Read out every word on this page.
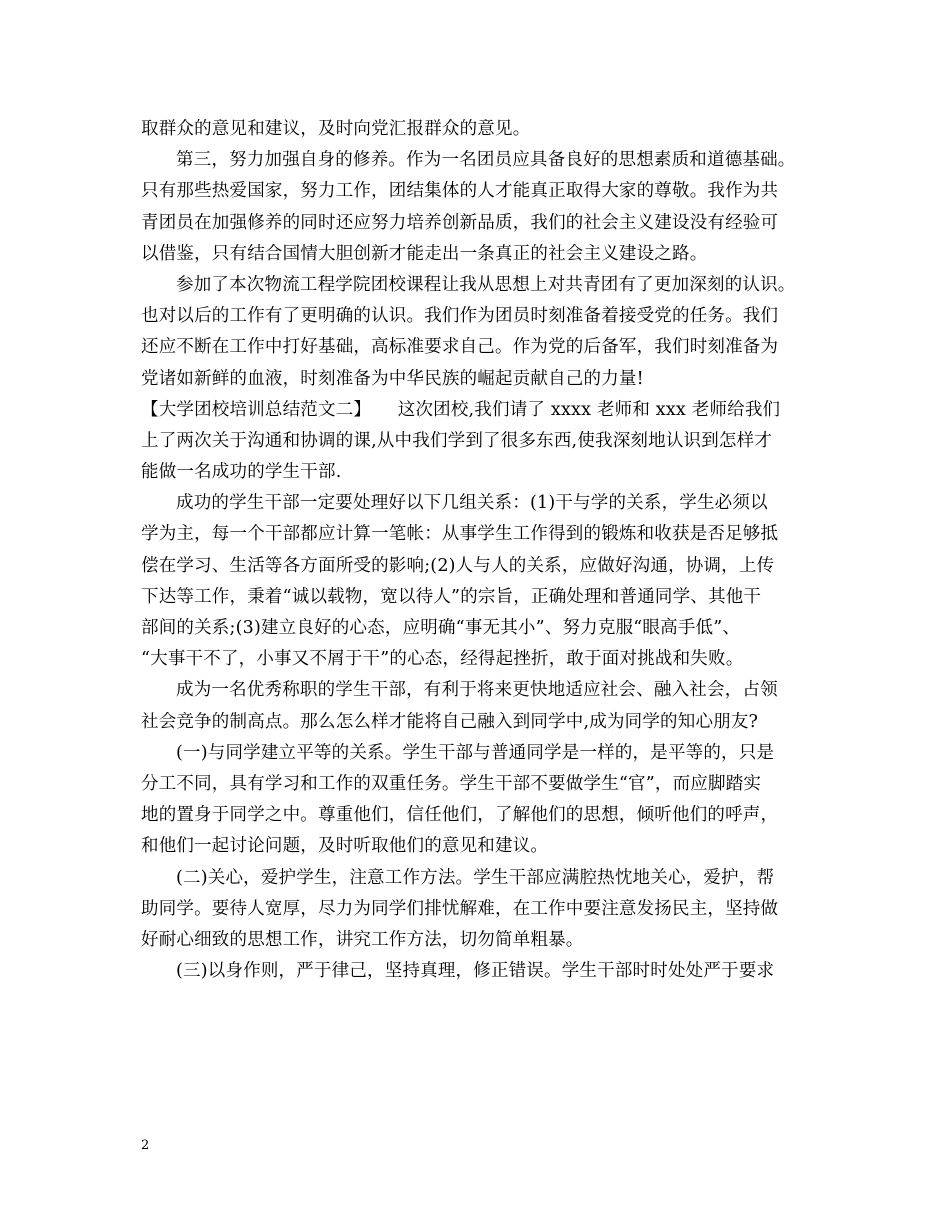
取群众的意见和建议，及时向党汇报群众的意见。
第三，努力加强自身的修养。作为一名团员应具备良好的思想素质和道德基础。
只有那些热爱国家，努力工作，团结集体的人才能真正取得大家的尊敬。我作为共
青团员在加强修养的同时还应努力培养创新品质，我们的社会主义建设没有经验可
以借鉴，只有结合国情大胆创新才能走出一条真正的社会主义建设之路。
参加了本次物流工程学院团校课程让我从思想上对共青团有了更加深刻的认识。
也对以后的工作有了更明确的认识。我们作为团员时刻准备着接受党的任务。我们
还应不断在工作中打好基础，高标准要求自己。作为党的后备军，我们时刻准备为
党诸如新鲜的血液，时刻准备为中华民族的崛起贡献自己的力量!
【大学团校培训总结范文二】　　这次团校,我们请了 xxxx 老师和 xxx 老师给我们
上了两次关于沟通和协调的课,从中我们学到了很多东西,使我深刻地认识到怎样才
能做一名成功的学生干部.
成功的学生干部一定要处理好以下几组关系：(1)干与学的关系，学生必须以
学为主，每一个干部都应计算一笔帐：从事学生工作得到的锻炼和收获是否足够抵
偿在学习、生活等各方面所受的影响;(2)人与人的关系，应做好沟通，协调，上传
下达等工作，秉着“诚以载物，宽以待人”的宗旨，正确处理和普通同学、其他干
部间的关系;(3)建立良好的心态，应明确“事无其小”、努力克服“眼高手低”、
“大事干不了，小事又不屑于干”的心态，经得起挫折，敢于面对挑战和失败。
成为一名优秀称职的学生干部，有利于将来更快地适应社会、融入社会，占领
社会竞争的制高点。那么怎么样才能将自己融入到同学中,成为同学的知心朋友?
(一)与同学建立平等的关系。学生干部与普通同学是一样的，是平等的，只是
分工不同，具有学习和工作的双重任务。学生干部不要做学生“官”，而应脚踏实
地的置身于同学之中。尊重他们，信任他们，了解他们的思想，倾听他们的呼声，
和他们一起讨论问题，及时听取他们的意见和建议。
(二)关心，爱护学生，注意工作方法。学生干部应满腔热忱地关心，爱护，帮
助同学。要待人宽厚，尽力为同学们排忧解难，在工作中要注意发扬民主，坚持做
好耐心细致的思想工作，讲究工作方法，切勿简单粗暴。
(三)以身作则，严于律己，坚持真理，修正错误。学生干部时时处处严于要求
2
